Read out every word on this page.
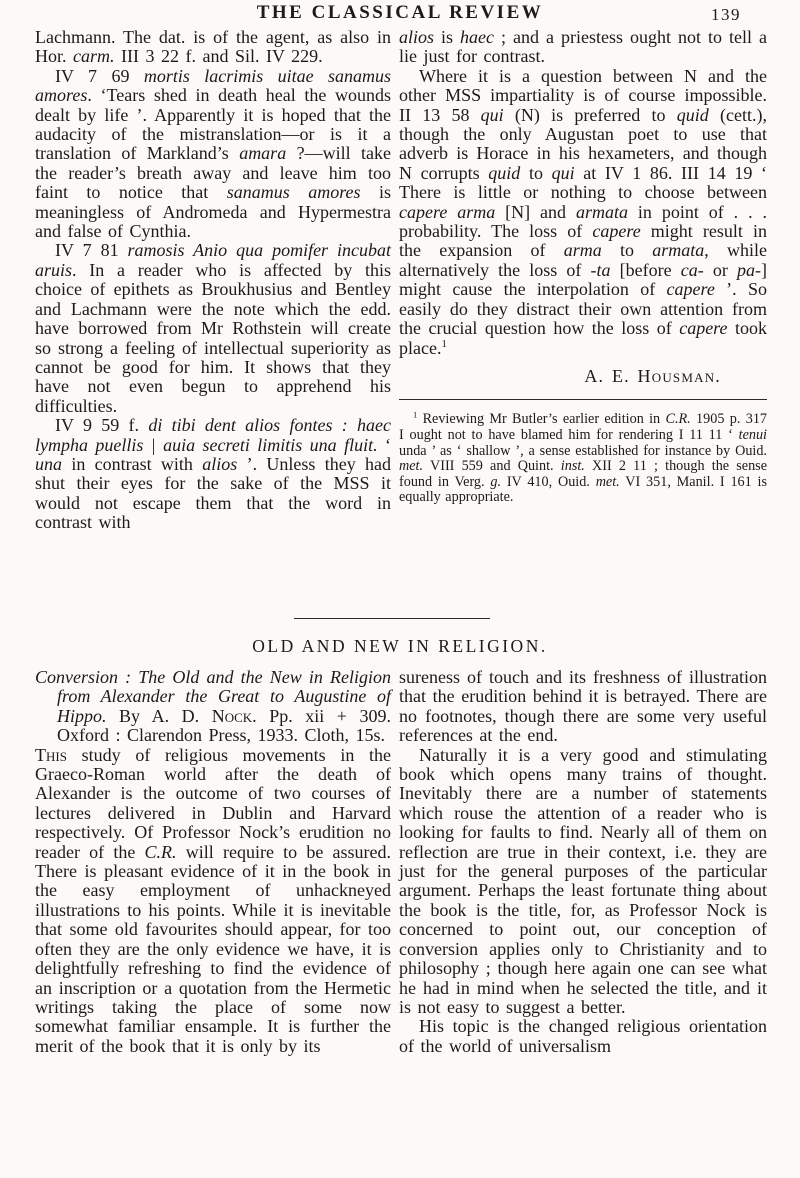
THE CLASSICAL REVIEW	139

Lachmann. The dat. is of the agent, as also in Hor. carm. III 3 22 f. and Sil. IV 229.

IV 7 69 mortis lacrimis uitae sanamus amores. ‘Tears shed in death heal the wounds dealt by life ’. Apparently it is hoped that the audacity of the mistranslation—or is it a translation of Markland’s amara ?—will take the reader’s breath away and leave him too faint to notice that sanamus amores is meaningless of Andromeda and Hypermestra and false of Cynthia.

IV 7 81 ramosis Anio qua pomifer incubat aruis. In a reader who is affected by this choice of epithets as Broukhusius and Bentley and Lachmann were the note which the edd. have borrowed from Mr Rothstein will create so strong a feeling of intellectual superiority as cannot be good for him. It shows that they have not even begun to apprehend his difficulties.

IV 9 59 f. di tibi dent alios fontes : haec lympha puellis | auia secreti limitis una fluit. ‘ una in contrast with alios ’. Unless they had shut their eyes for the sake of the MSS it would not escape them that the word in contrast with

alios is haec ; and a priestess ought not to tell a lie just for contrast.

Where it is a question between N and the other MSS impartiality is of course impossible. II 13 58 qui (N) is preferred to quid (cett.), though the only Augustan poet to use that adverb is Horace in his hexameters, and though N corrupts quid to qui at IV 1 86. III 14 19 ‘ There is little or nothing to choose between capere arma [N] and armata in point of . . . probability. The loss of capere might result in the expansion of arma to armata, while alternatively the loss of -ta [before ca- or pa-] might cause the interpolation of capere ’. So easily do they distract their own attention from the crucial question how the loss of capere took place.$^1$

A. E. Housman.

$^1$ Reviewing Mr Butler’s earlier edition in C.R. 1905 p. 317 I ought not to have blamed him for rendering I 11 11 ‘ tenui unda ’ as ‘ shallow ’, a sense established for instance by Ouid. met. VIII 559 and Quint. inst. XII 2 11 ; though the sense found in Verg. g. IV 410, Ouid. met. VI 351, Manil. I 161 is equally appropriate.

OLD AND NEW IN RELIGION.

Conversion : The Old and the New in Religion from Alexander the Great to Augustine of Hippo. By A. D. Nock. Pp. xii + 309. Oxford : Clarendon Press, 1933. Cloth, 15s.

This study of religious movements in the Graeco-Roman world after the death of Alexander is the outcome of two courses of lectures delivered in Dublin and Harvard respectively. Of Professor Nock’s erudition no reader of the C.R. will require to be assured. There is pleasant evidence of it in the book in the easy employment of unhackneyed illustrations to his points. While it is inevitable that some old favourites should appear, for too often they are the only evidence we have, it is delightfully refreshing to find the evidence of an inscription or a quotation from the Hermetic writings taking the place of some now somewhat familiar ensample. It is further the merit of the book that it is only by its

sureness of touch and its freshness of illustration that the erudition behind it is betrayed. There are no footnotes, though there are some very useful references at the end.

Naturally it is a very good and stimulating book which opens many trains of thought. Inevitably there are a number of statements which rouse the attention of a reader who is looking for faults to find. Nearly all of them on reflection are true in their context, i.e. they are just for the general purposes of the particular argument. Perhaps the least fortunate thing about the book is the title, for, as Professor Nock is concerned to point out, our conception of conversion applies only to Christianity and to philosophy ; though here again one can see what he had in mind when he selected the title, and it is not easy to suggest a better.

His topic is the changed religious orientation of the world of universalism
